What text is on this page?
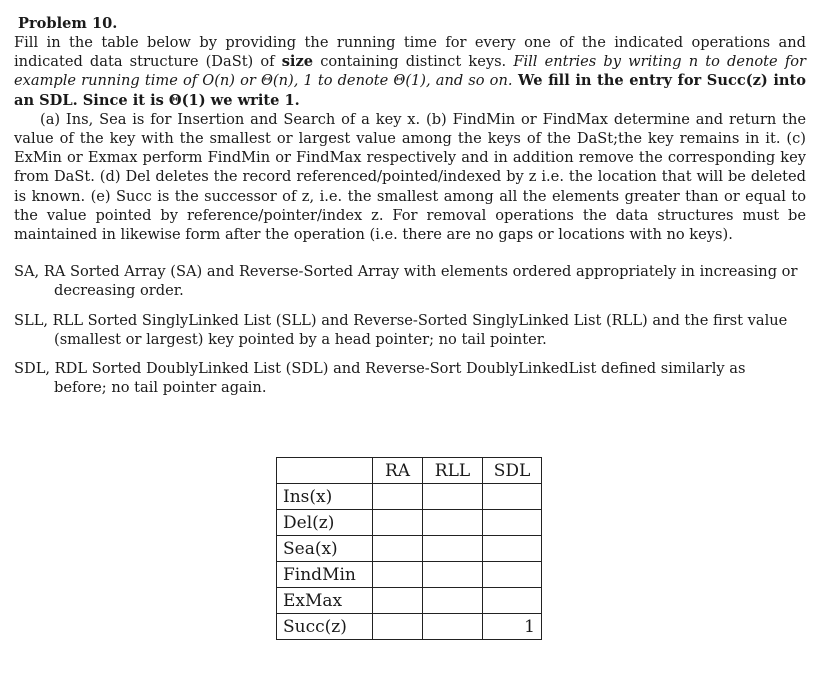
Problem 10.

Fill in the table below by providing the running time for every one of the indicated operations and indicated data structure (DaSt) of size containing distinct keys. Fill entries by writing n to denote for example running time of O(n) or Θ(n), 1 to denote Θ(1), and so on. We fill in the entry for Succ(z) into an SDL. Since it is Θ(1) we write 1.

(a) Ins, Sea is for Insertion and Search of a key x. (b) FindMin or FindMax determine and return the value of the key with the smallest or largest value among the keys of the DaSt;the key remains in it. (c) ExMin or Exmax perform FindMin or FindMax respectively and in addition remove the corresponding key from DaSt. (d) Del deletes the record referenced/pointed/indexed by z i.e. the location that will be deleted is known. (e) Succ is the successor of z, i.e. the smallest among all the elements greater than or equal to the value pointed by reference/pointer/index z. For removal operations the data structures must be maintained in likewise form after the operation (i.e. there are no gaps or locations with no keys).

SA, RA Sorted Array (SA) and Reverse-Sorted Array with elements ordered appropriately in increasing or decreasing order.
SLL, RLL Sorted SinglyLinked List (SLL) and Reverse-Sorted SinglyLinked List (RLL) and the first value (smallest or largest) key pointed by a head pointer; no tail pointer.
SDL, RDL Sorted DoublyLinked List (SDL) and Reverse-Sort DoublyLinkedList defined similarly as before; no tail pointer again.
	RA	RLL	SDL
Ins(x)			
Del(z)			
Sea(x)			
FindMin			
ExMax			
Succ(z)			1
